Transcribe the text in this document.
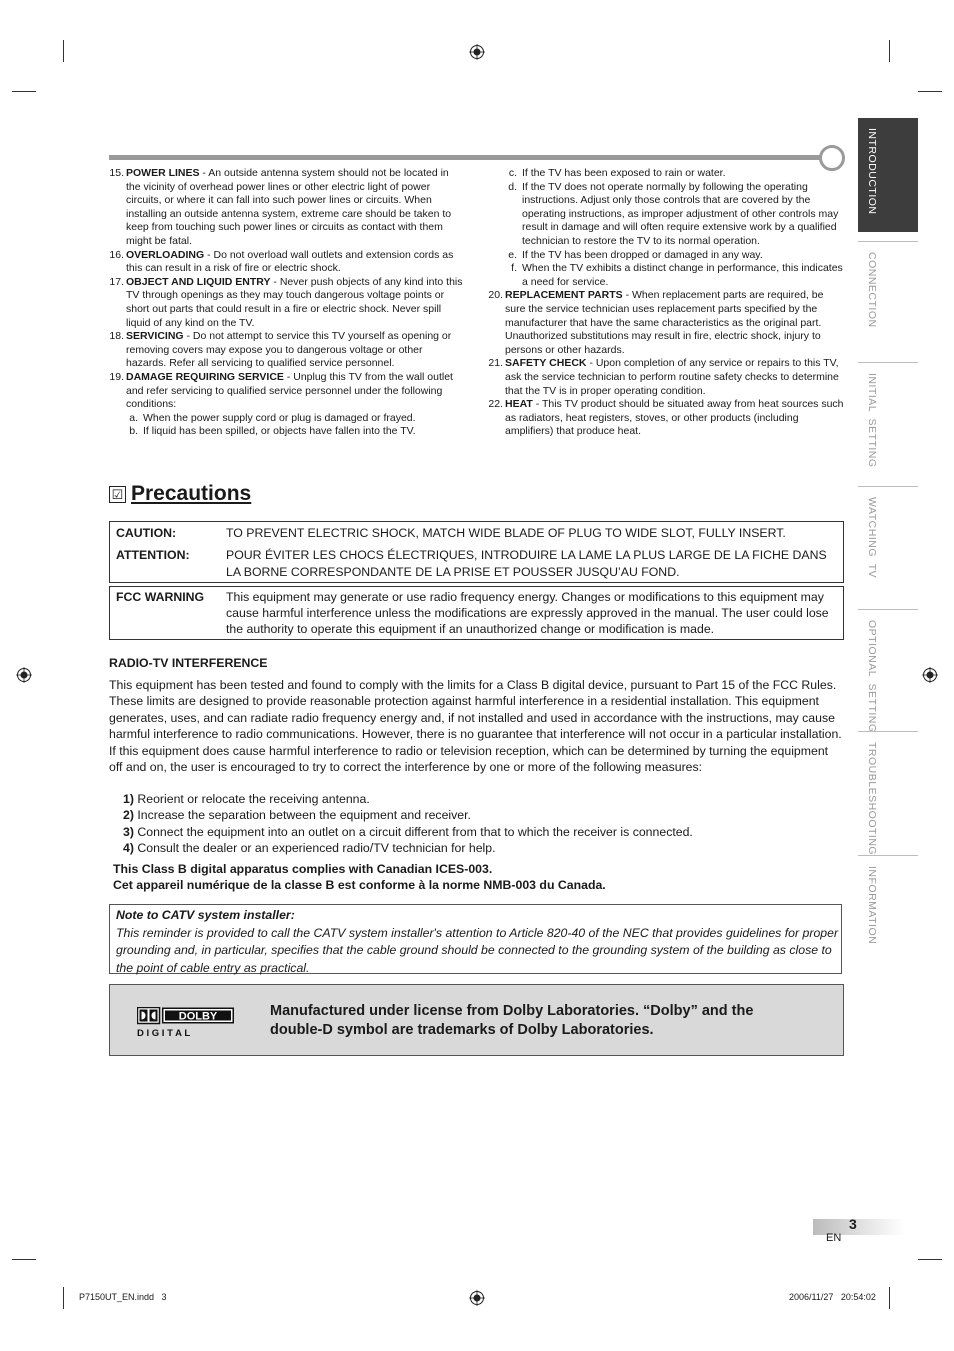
INTRODUCTION
CONNECTION
INITIAL  SETTING
WATCHING  TV
OPTIONAL  SETTING
TROUBLESHOOTING
INFORMATION
15. POWER LINES - An outside antenna system should not be located in the vicinity of overhead power lines or other electric light of power circuits, or where it can fall into such power lines or circuits. When installing an outside antenna system, extreme care should be taken to keep from touching such power lines or circuits as contact with them might be fatal.
16. OVERLOADING - Do not overload wall outlets and extension cords as this can result in a risk of fire or electric shock.
17. OBJECT AND LIQUID ENTRY - Never push objects of any kind into this TV through openings as they may touch dangerous voltage points or short out parts that could result in a fire or electric shock. Never spill liquid of any kind on the TV.
18. SERVICING - Do not attempt to service this TV yourself as opening or removing covers may expose you to dangerous voltage or other hazards. Refer all servicing to qualified service personnel.
19. DAMAGE REQUIRING SERVICE - Unplug this TV from the wall outlet and refer servicing to qualified service personnel under the following conditions:
a. When the power supply cord or plug is damaged or frayed.
b. If liquid has been spilled, or objects have fallen into the TV.
c. If the TV has been exposed to rain or water.
d. If the TV does not operate normally by following the operating instructions. Adjust only those controls that are covered by the operating instructions, as improper adjustment of other controls may result in damage and will often require extensive work by a qualified technician to restore the TV to its normal operation.
e. If the TV has been dropped or damaged in any way.
f. When the TV exhibits a distinct change in performance, this indicates a need for service.
20. REPLACEMENT PARTS - When replacement parts are required, be sure the service technician uses replacement parts specified by the manufacturer that have the same characteristics as the original part. Unauthorized substitutions may result in fire, electric shock, injury to persons or other hazards.
21. SAFETY CHECK - Upon completion of any service or repairs to this TV, ask the service technician to perform routine safety checks to determine that the TV is in proper operating condition.
22. HEAT - This TV product should be situated away from heat sources such as radiators, heat registers, stoves, or other products (including amplifiers) that produce heat.
☑ Precautions
CAUTION:	TO PREVENT ELECTRIC SHOCK, MATCH WIDE BLADE OF PLUG TO WIDE SLOT, FULLY INSERT.
ATTENTION:	POUR ÉVITER LES CHOCS ÉLECTRIQUES, INTRODUIRE LA LAME LA PLUS LARGE DE LA FICHE DANS LA BORNE CORRESPONDANTE DE LA PRISE ET POUSSER JUSQU’AU FOND.
FCC WARNING This equipment may generate or use radio frequency energy. Changes or modifications to this equipment may cause harmful interference unless the modifications are expressly approved in the manual. The user could lose the authority to operate this equipment if an unauthorized change or modification is made.
RADIO-TV INTERFERENCE
This equipment has been tested and found to comply with the limits for a Class B digital device, pursuant to Part 15 of the FCC Rules. These limits are designed to provide reasonable protection against harmful interference in a residential installation. This equipment generates, uses, and can radiate radio frequency energy and, if not installed and used in accordance with the instructions, may cause harmful interference to radio communications. However, there is no guarantee that interference will not occur in a particular installation. If this equipment does cause harmful interference to radio or television reception, which can be determined by turning the equipment off and on, the user is encouraged to try to correct the interference by one or more of the following measures:
1) Reorient or relocate the receiving antenna.
2) Increase the separation between the equipment and receiver.
3) Connect the equipment into an outlet on a circuit different from that to which the receiver is connected.
4) Consult the dealer or an experienced radio/TV technician for help.
This Class B digital apparatus complies with Canadian ICES-003.
Cet appareil numérique de la classe B est conforme à la norme NMB-003 du Canada.
Note to CATV system installer:
This reminder is provided to call the CATV system installer's attention to Article 820-40 of the NEC that provides guidelines for proper grounding and, in particular, specifies that the cable ground should be connected to the grounding system of the building as close to the point of cable entry as practical.
DOLBY
D I G I T A L
Manufactured under license from Dolby Laboratories. “Dolby” and the double-D symbol are trademarks of Dolby Laboratories.
3
EN
P7150UT_EN.indd   3	2006/11/27   20:54:02
